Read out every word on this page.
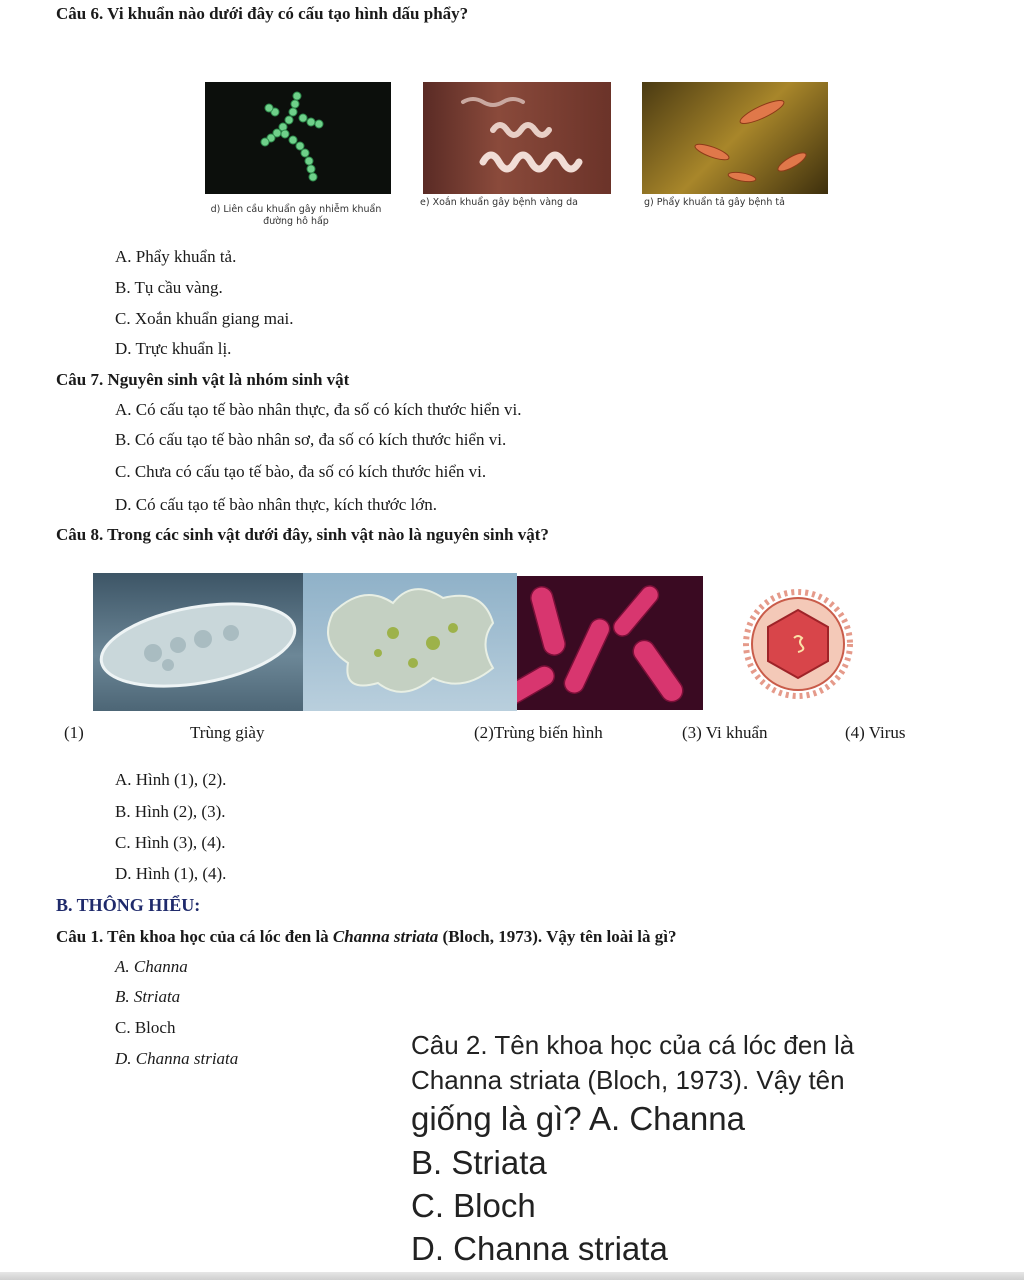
Câu 6. Vi khuẩn nào dưới đây có cấu tạo hình dấu phẩy?
d) Liên cầu khuẩn gây nhiễm khuẩn đường hô hấp
e) Xoắn khuẩn gây bệnh vàng da	g) Phẩy khuẩn tả gây bệnh tả
A. Phẩy khuẩn tả.
B. Tụ cầu vàng.
C. Xoắn khuẩn giang mai.
D. Trực khuẩn lị.
Câu 7. Nguyên sinh vật là nhóm sinh vật
A. Có cấu tạo tế bào nhân thực, đa số có kích thước hiển vi.
B. Có cấu tạo tế bào nhân sơ, đa số có kích thước hiển vi.
C. Chưa có cấu tạo tế bào, đa số có kích thước hiển vi.
D. Có cấu tạo tế bào nhân thực, kích thước lớn.
Câu 8. Trong các sinh vật dưới đây, sinh vật nào là nguyên sinh vật?
(1)	Trùng giày	(2)Trùng biến hình	(3) Vi khuẩn	(4) Virus
A. Hình (1), (2).
B. Hình (2), (3).
C. Hình (3), (4).
D. Hình (1), (4).
B. THÔNG HIỂU:
Câu 1. Tên khoa học của cá lóc đen là Channa striata (Bloch, 1973). Vậy tên loài là gì?
A. Channa
B. Striata
C. Bloch
D. Channa striata	Câu 2. Tên khoa học của cá lóc đen là
Channa striata (Bloch, 1973). Vậy tên
giống là gì? A. Channa
B. Striata
C. Bloch
D. Channa striata
